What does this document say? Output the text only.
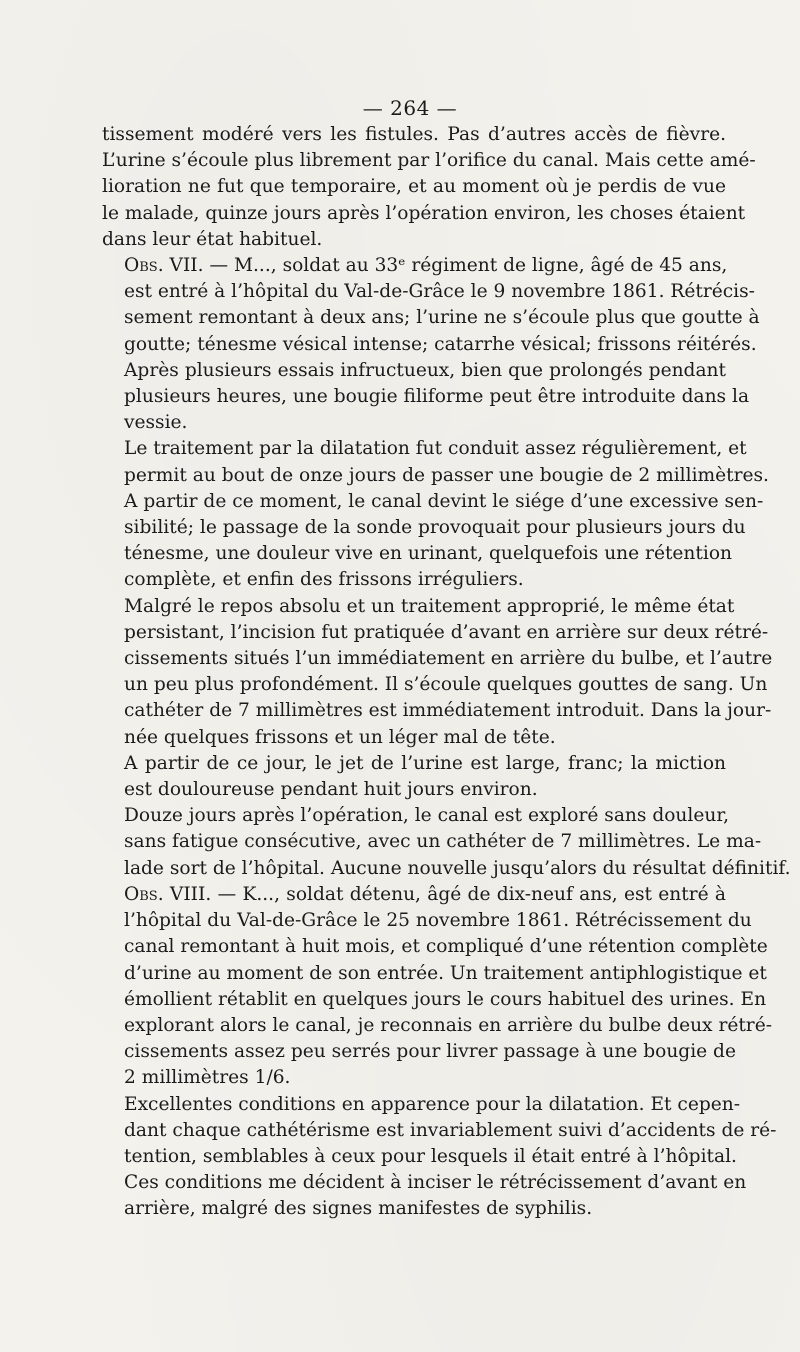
— 264 —

tissement modéré vers les fistules. Pas d’autres accès de fièvre.
L’urine s’écoule plus librement par l’orifice du canal. Mais cette amé-
lioration ne fut que temporaire, et au moment où je perdis de vue
le malade, quinze jours après l’opération environ, les choses étaient
dans leur état habituel.

Obs. VII. — M..., soldat au 33ᵉ régiment de ligne, âgé de 45 ans,
est entré à l’hôpital du Val-de-Grâce le 9 novembre 1861. Rétrécis-
sement remontant à deux ans; l’urine ne s’écoule plus que goutte à
goutte; ténesme vésical intense; catarrhe vésical; frissons réitérés.

Après plusieurs essais infructueux, bien que prolongés pendant
plusieurs heures, une bougie filiforme peut être introduite dans la
vessie.

Le traitement par la dilatation fut conduit assez régulièrement, et
permit au bout de onze jours de passer une bougie de 2 millimètres.
A partir de ce moment, le canal devint le siége d’une excessive sen-
sibilité; le passage de la sonde provoquait pour plusieurs jours du
ténesme, une douleur vive en urinant, quelquefois une rétention
complète, et enfin des frissons irréguliers.

Malgré le repos absolu et un traitement approprié, le même état
persistant, l’incision fut pratiquée d’avant en arrière sur deux rétré-
cissements situés l’un immédiatement en arrière du bulbe, et l’autre
un peu plus profondément. Il s’écoule quelques gouttes de sang. Un
cathéter de 7 millimètres est immédiatement introduit. Dans la jour-
née quelques frissons et un léger mal de tête.

A partir de ce jour, le jet de l’urine est large, franc; la miction
est douloureuse pendant huit jours environ.

Douze jours après l’opération, le canal est exploré sans douleur,
sans fatigue consécutive, avec un cathéter de 7 millimètres. Le ma-
lade sort de l’hôpital. Aucune nouvelle jusqu’alors du résultat définitif.

Obs. VIII. — K..., soldat détenu, âgé de dix-neuf ans, est entré à
l’hôpital du Val-de-Grâce le 25 novembre 1861. Rétrécissement du
canal remontant à huit mois, et compliqué d’une rétention complète
d’urine au moment de son entrée. Un traitement antiphlogistique et
émollient rétablit en quelques jours le cours habituel des urines. En
explorant alors le canal, je reconnais en arrière du bulbe deux rétré-
cissements assez peu serrés pour livrer passage à une bougie de
2 millimètres 1/6.

Excellentes conditions en apparence pour la dilatation. Et cepen-
dant chaque cathétérisme est invariablement suivi d’accidents de ré-
tention, semblables à ceux pour lesquels il était entré à l’hôpital.

Ces conditions me décident à inciser le rétrécissement d’avant en
arrière, malgré des signes manifestes de syphilis.
